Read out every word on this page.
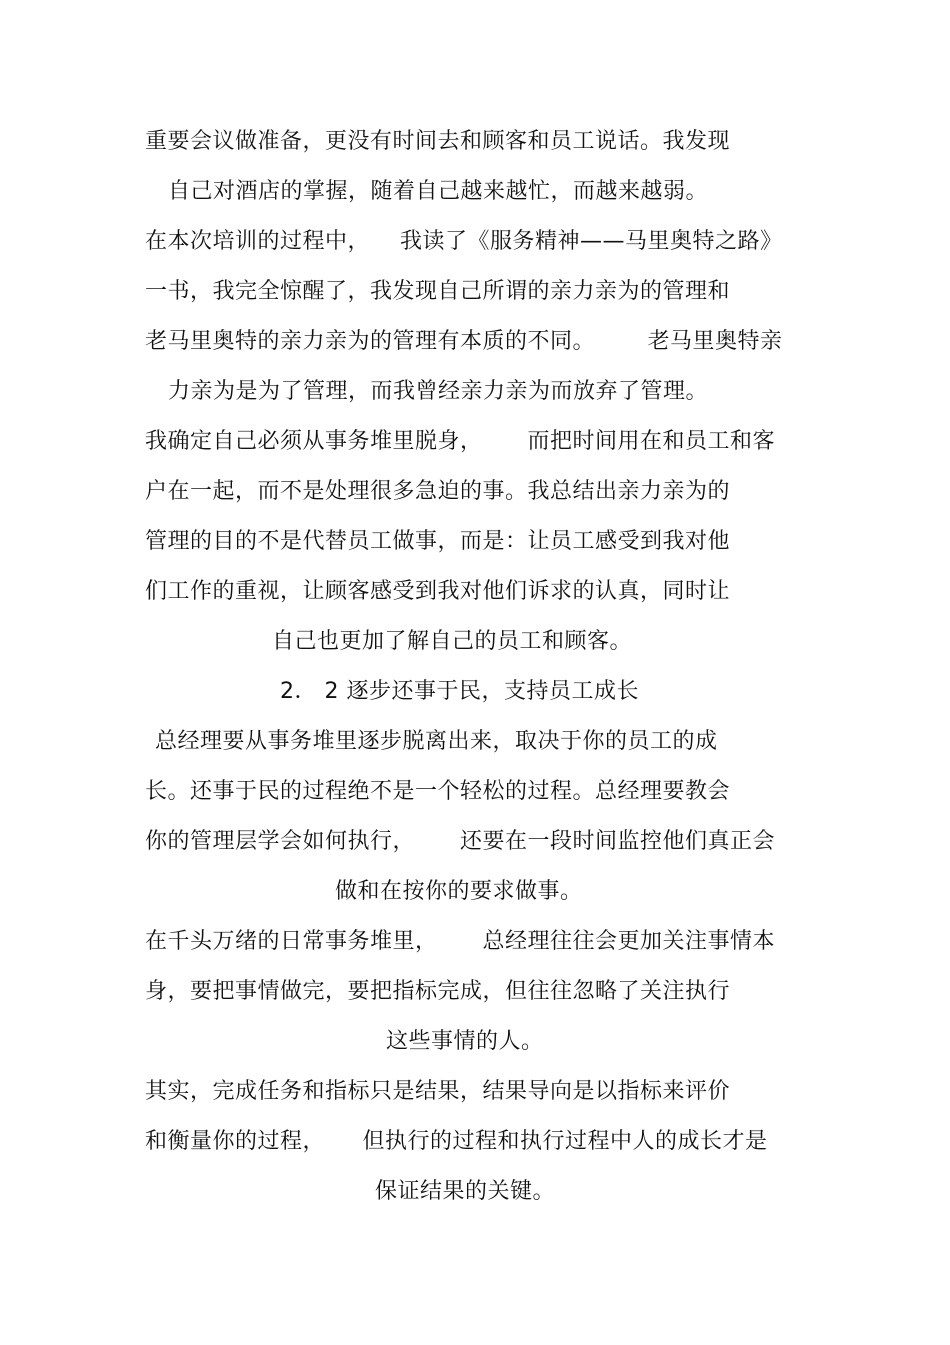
重要会议做准备，更没有时间去和顾客和员工说话。我发现
自己对酒店的掌握，随着自己越来越忙，而越来越弱。
在本次培训的过程中，    我读了《服务精神——马里奥特之路》
一书，我完全惊醒了，我发现自己所谓的亲力亲为的管理和
老马里奥特的亲力亲为的管理有本质的不同。       老马里奥特亲
力亲为是为了管理，而我曾经亲力亲为而放弃了管理。
我确定自己必须从事务堆里脱身，      而把时间用在和员工和客
户在一起，而不是处理很多急迫的事。我总结出亲力亲为的
管理的目的不是代替员工做事，而是：让员工感受到我对他
们工作的重视，让顾客感受到我对他们诉求的认真，同时让
自己也更加了解自己的员工和顾客。
2． 2 逐步还事于民，支持员工成长
总经理要从事务堆里逐步脱离出来，取决于你的员工的成
长。还事于民的过程绝不是一个轻松的过程。总经理要教会
你的管理层学会如何执行，      还要在一段时间监控他们真正会
做和在按你的要求做事。
在千头万绪的日常事务堆里，      总经理往往会更加关注事情本
身，要把事情做完，要把指标完成，但往往忽略了关注执行
这些事情的人。
其实，完成任务和指标只是结果，结果导向是以指标来评价
和衡量你的过程，     但执行的过程和执行过程中人的成长才是
保证结果的关键。
